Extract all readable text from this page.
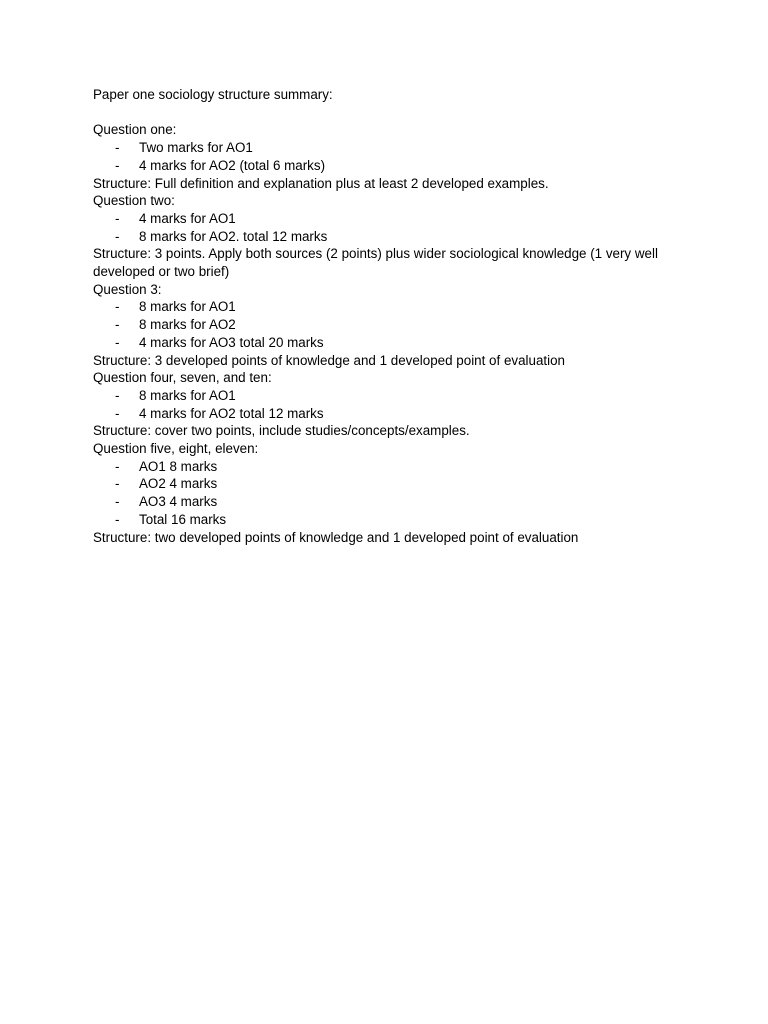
Paper one sociology structure summary:

Question one:

- Two marks for AO1

- 4 marks for AO2 (total 6 marks)

Structure: Full definition and explanation plus at least 2 developed examples.

Question two:

- 4 marks for AO1

- 8 marks for AO2. total 12 marks

Structure: 3 points. Apply both sources (2 points) plus wider sociological knowledge (1 very well developed or two brief)

Question 3:

- 8 marks for AO1

- 8 marks for AO2

- 4 marks for AO3 total 20 marks

Structure: 3 developed points of knowledge and 1 developed point of evaluation

Question four, seven, and ten:

- 8 marks for AO1

- 4 marks for AO2 total 12 marks

Structure: cover two points, include studies/concepts/examples.

Question five, eight, eleven:

- AO1 8 marks

- AO2 4 marks

- AO3 4 marks

- Total 16 marks

Structure: two developed points of knowledge and 1 developed point of evaluation
